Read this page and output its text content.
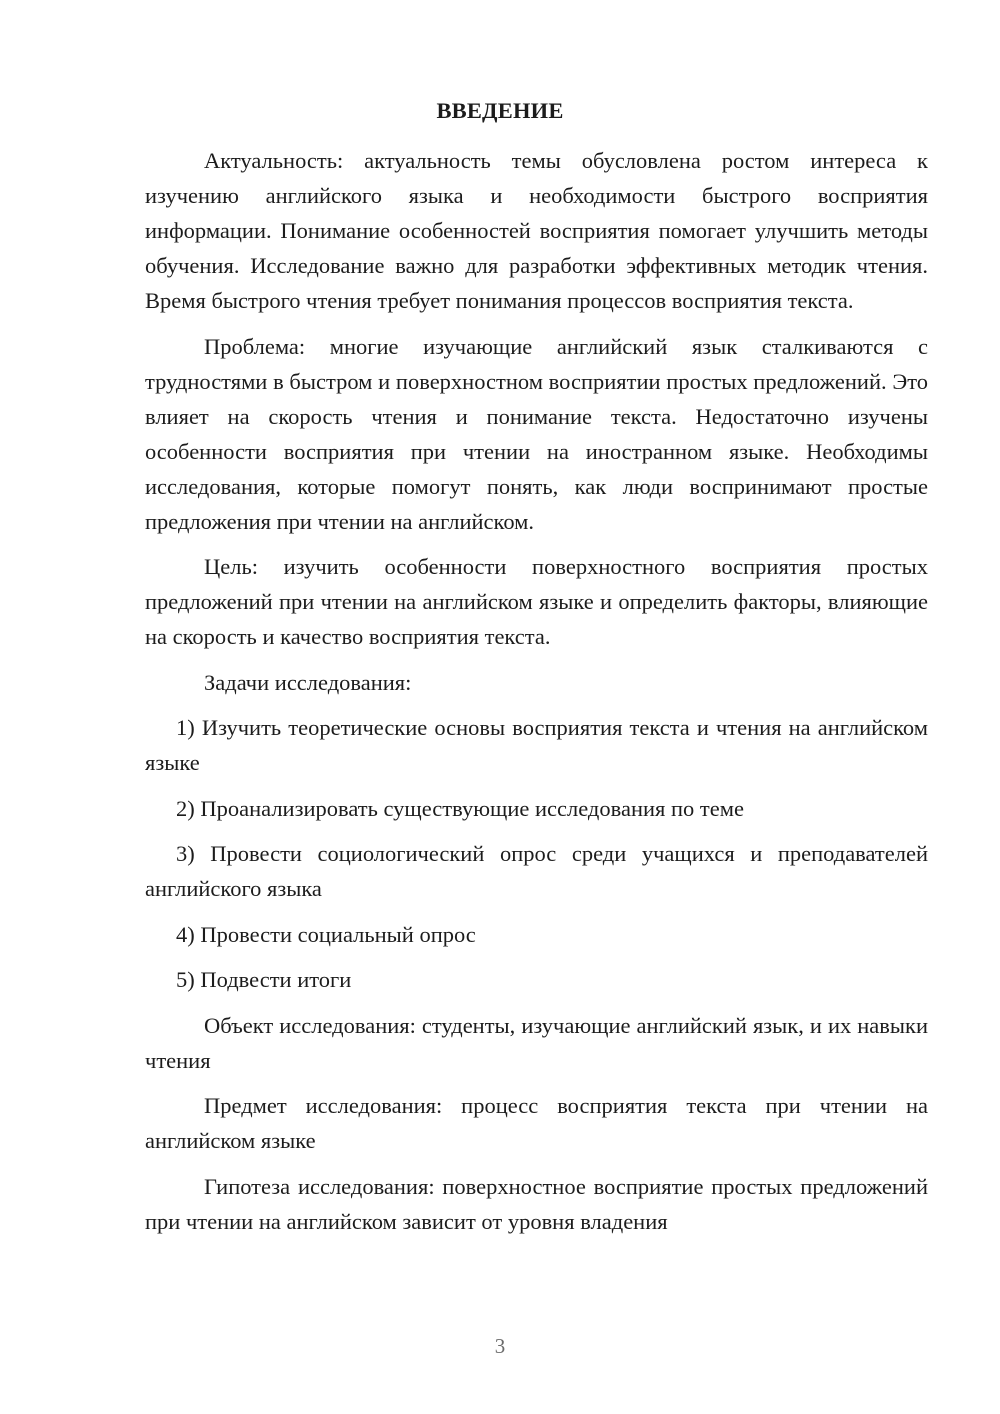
ВВЕДЕНИЕ

Актуальность: актуальность темы обусловлена ростом интереса к изучению английского языка и необходимости быстрого восприятия информации. Понимание особенностей восприятия помогает улучшить методы обучения. Исследование важно для разработки эффективных методик чтения. Время быстрого чтения требует понимания процессов восприятия текста.

Проблема: многие изучающие английский язык сталкиваются с трудностями в быстром и поверхностном восприятии простых предложений. Это влияет на скорость чтения и понимание текста. Недостаточно изучены особенности восприятия при чтении на иностранном языке. Необходимы исследования, которые помогут понять, как люди воспринимают простые предложения при чтении на английском.

Цель: изучить особенности поверхностного восприятия простых предложений при чтении на английском языке и определить факторы, влияющие на скорость и качество восприятия текста.

Задачи исследования:

1) Изучить теоретические основы восприятия текста и чтения на английском языке

2) Проанализировать существующие исследования по теме

3) Провести социологический опрос среди учащихся и преподавателей английского языка

4) Провести социальный опрос

5) Подвести итоги

Объект исследования: студенты, изучающие английский язык, и их навыки чтения

Предмет исследования: процесс восприятия текста при чтении на английском языке

Гипотеза исследования: поверхностное восприятие простых предложений при чтении на английском зависит от уровня владения

3
